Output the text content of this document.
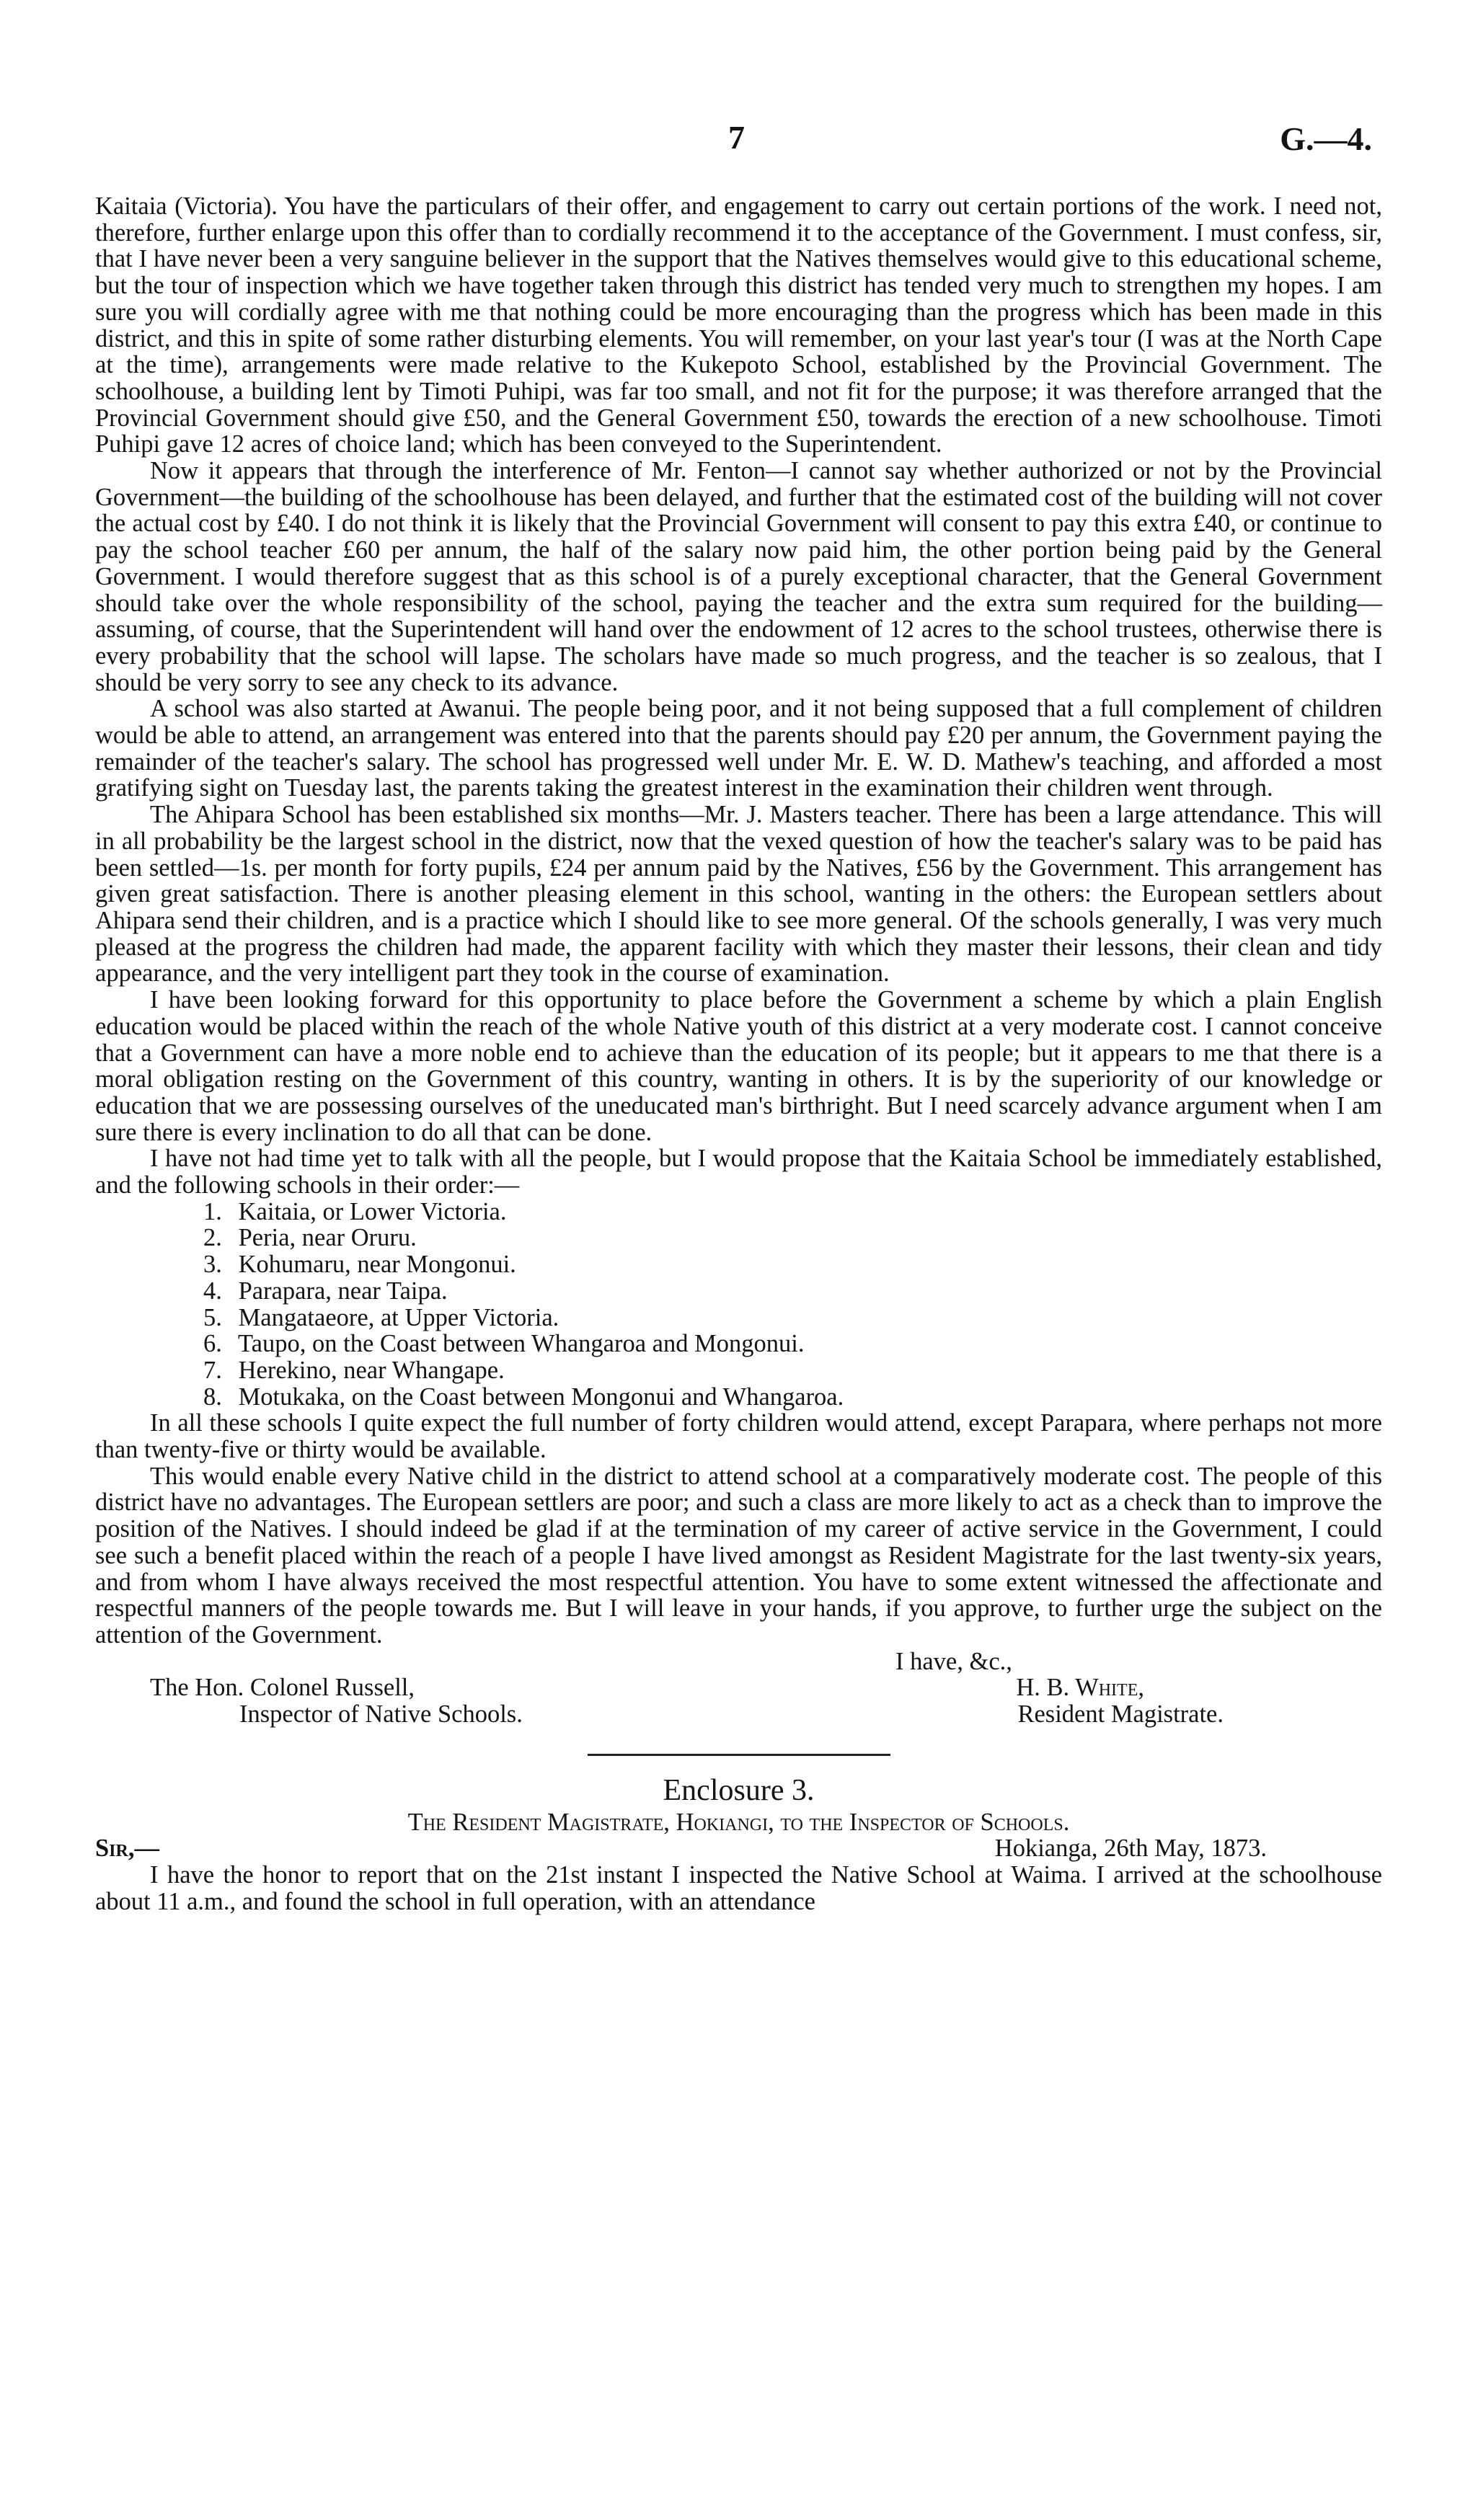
7	G.—4.

Kaitaia (Victoria). You have the particulars of their offer, and engagement to carry out certain portions of the work. I need not, therefore, further enlarge upon this offer than to cordially recommend it to the acceptance of the Government. I must confess, sir, that I have never been a very sanguine believer in the support that the Natives themselves would give to this educational scheme, but the tour of inspection which we have together taken through this district has tended very much to strengthen my hopes. I am sure you will cordially agree with me that nothing could be more encouraging than the progress which has been made in this district, and this in spite of some rather disturbing elements. You will remember, on your last year's tour (I was at the North Cape at the time), arrangements were made relative to the Kukepoto School, established by the Provincial Government. The schoolhouse, a building lent by Timoti Puhipi, was far too small, and not fit for the purpose; it was therefore arranged that the Provincial Government should give £50, and the General Government £50, towards the erection of a new schoolhouse. Timoti Puhipi gave 12 acres of choice land; which has been conveyed to the Superintendent.

Now it appears that through the interference of Mr. Fenton—I cannot say whether authorized or not by the Provincial Government—the building of the schoolhouse has been delayed, and further that the estimated cost of the building will not cover the actual cost by £40. I do not think it is likely that the Provincial Government will consent to pay this extra £40, or continue to pay the school teacher £60 per annum, the half of the salary now paid him, the other portion being paid by the General Government. I would therefore suggest that as this school is of a purely exceptional character, that the General Government should take over the whole responsibility of the school, paying the teacher and the extra sum required for the building—assuming, of course, that the Superintendent will hand over the endowment of 12 acres to the school trustees, otherwise there is every probability that the school will lapse. The scholars have made so much progress, and the teacher is so zealous, that I should be very sorry to see any check to its advance.

A school was also started at Awanui. The people being poor, and it not being supposed that a full complement of children would be able to attend, an arrangement was entered into that the parents should pay £20 per annum, the Government paying the remainder of the teacher's salary. The school has progressed well under Mr. E. W. D. Mathew's teaching, and afforded a most gratifying sight on Tuesday last, the parents taking the greatest interest in the examination their children went through.

The Ahipara School has been established six months—Mr. J. Masters teacher. There has been a large attendance. This will in all probability be the largest school in the district, now that the vexed question of how the teacher's salary was to be paid has been settled—1s. per month for forty pupils, £24 per annum paid by the Natives, £56 by the Government. This arrangement has given great satisfaction. There is another pleasing element in this school, wanting in the others: the European settlers about Ahipara send their children, and is a practice which I should like to see more general. Of the schools generally, I was very much pleased at the progress the children had made, the apparent facility with which they master their lessons, their clean and tidy appearance, and the very intelligent part they took in the course of examination.

I have been looking forward for this opportunity to place before the Government a scheme by which a plain English education would be placed within the reach of the whole Native youth of this district at a very moderate cost. I cannot conceive that a Government can have a more noble end to achieve than the education of its people; but it appears to me that there is a moral obligation resting on the Government of this country, wanting in others. It is by the superiority of our knowledge or education that we are possessing ourselves of the uneducated man's birthright. But I need scarcely advance argument when I am sure there is every inclination to do all that can be done.

I have not had time yet to talk with all the people, but I would propose that the Kaitaia School be immediately established, and the following schools in their order:—

1. Kaitaia, or Lower Victoria.
2. Peria, near Oruru.
3. Kohumaru, near Mongonui.
4. Parapara, near Taipa.
5. Mangataeore, at Upper Victoria.
6. Taupo, on the Coast between Whangaroa and Mongonui.
7. Herekino, near Whangape.
8. Motukaka, on the Coast between Mongonui and Whangaroa.

In all these schools I quite expect the full number of forty children would attend, except Parapara, where perhaps not more than twenty-five or thirty would be available.

This would enable every Native child in the district to attend school at a comparatively moderate cost. The people of this district have no advantages. The European settlers are poor; and such a class are more likely to act as a check than to improve the position of the Natives. I should indeed be glad if at the termination of my career of active service in the Government, I could see such a benefit placed within the reach of a people I have lived amongst as Resident Magistrate for the last twenty-six years, and from whom I have always received the most respectful attention. You have to some extent witnessed the affectionate and respectful manners of the people towards me. But I will leave in your hands, if you approve, to further urge the subject on the attention of the Government.

I have, &c.,
The Hon. Colonel Russell,	H. B. White,
Inspector of Native Schools.	Resident Magistrate.
Enclosure 3.
The Resident Magistrate, Hokiangi, to the Inspector of Schools.
Sir,—	Hokianga, 26th May, 1873.

I have the honor to report that on the 21st instant I inspected the Native School at Waima. I arrived at the schoolhouse about 11 a.m., and found the school in full operation, with an attendance
